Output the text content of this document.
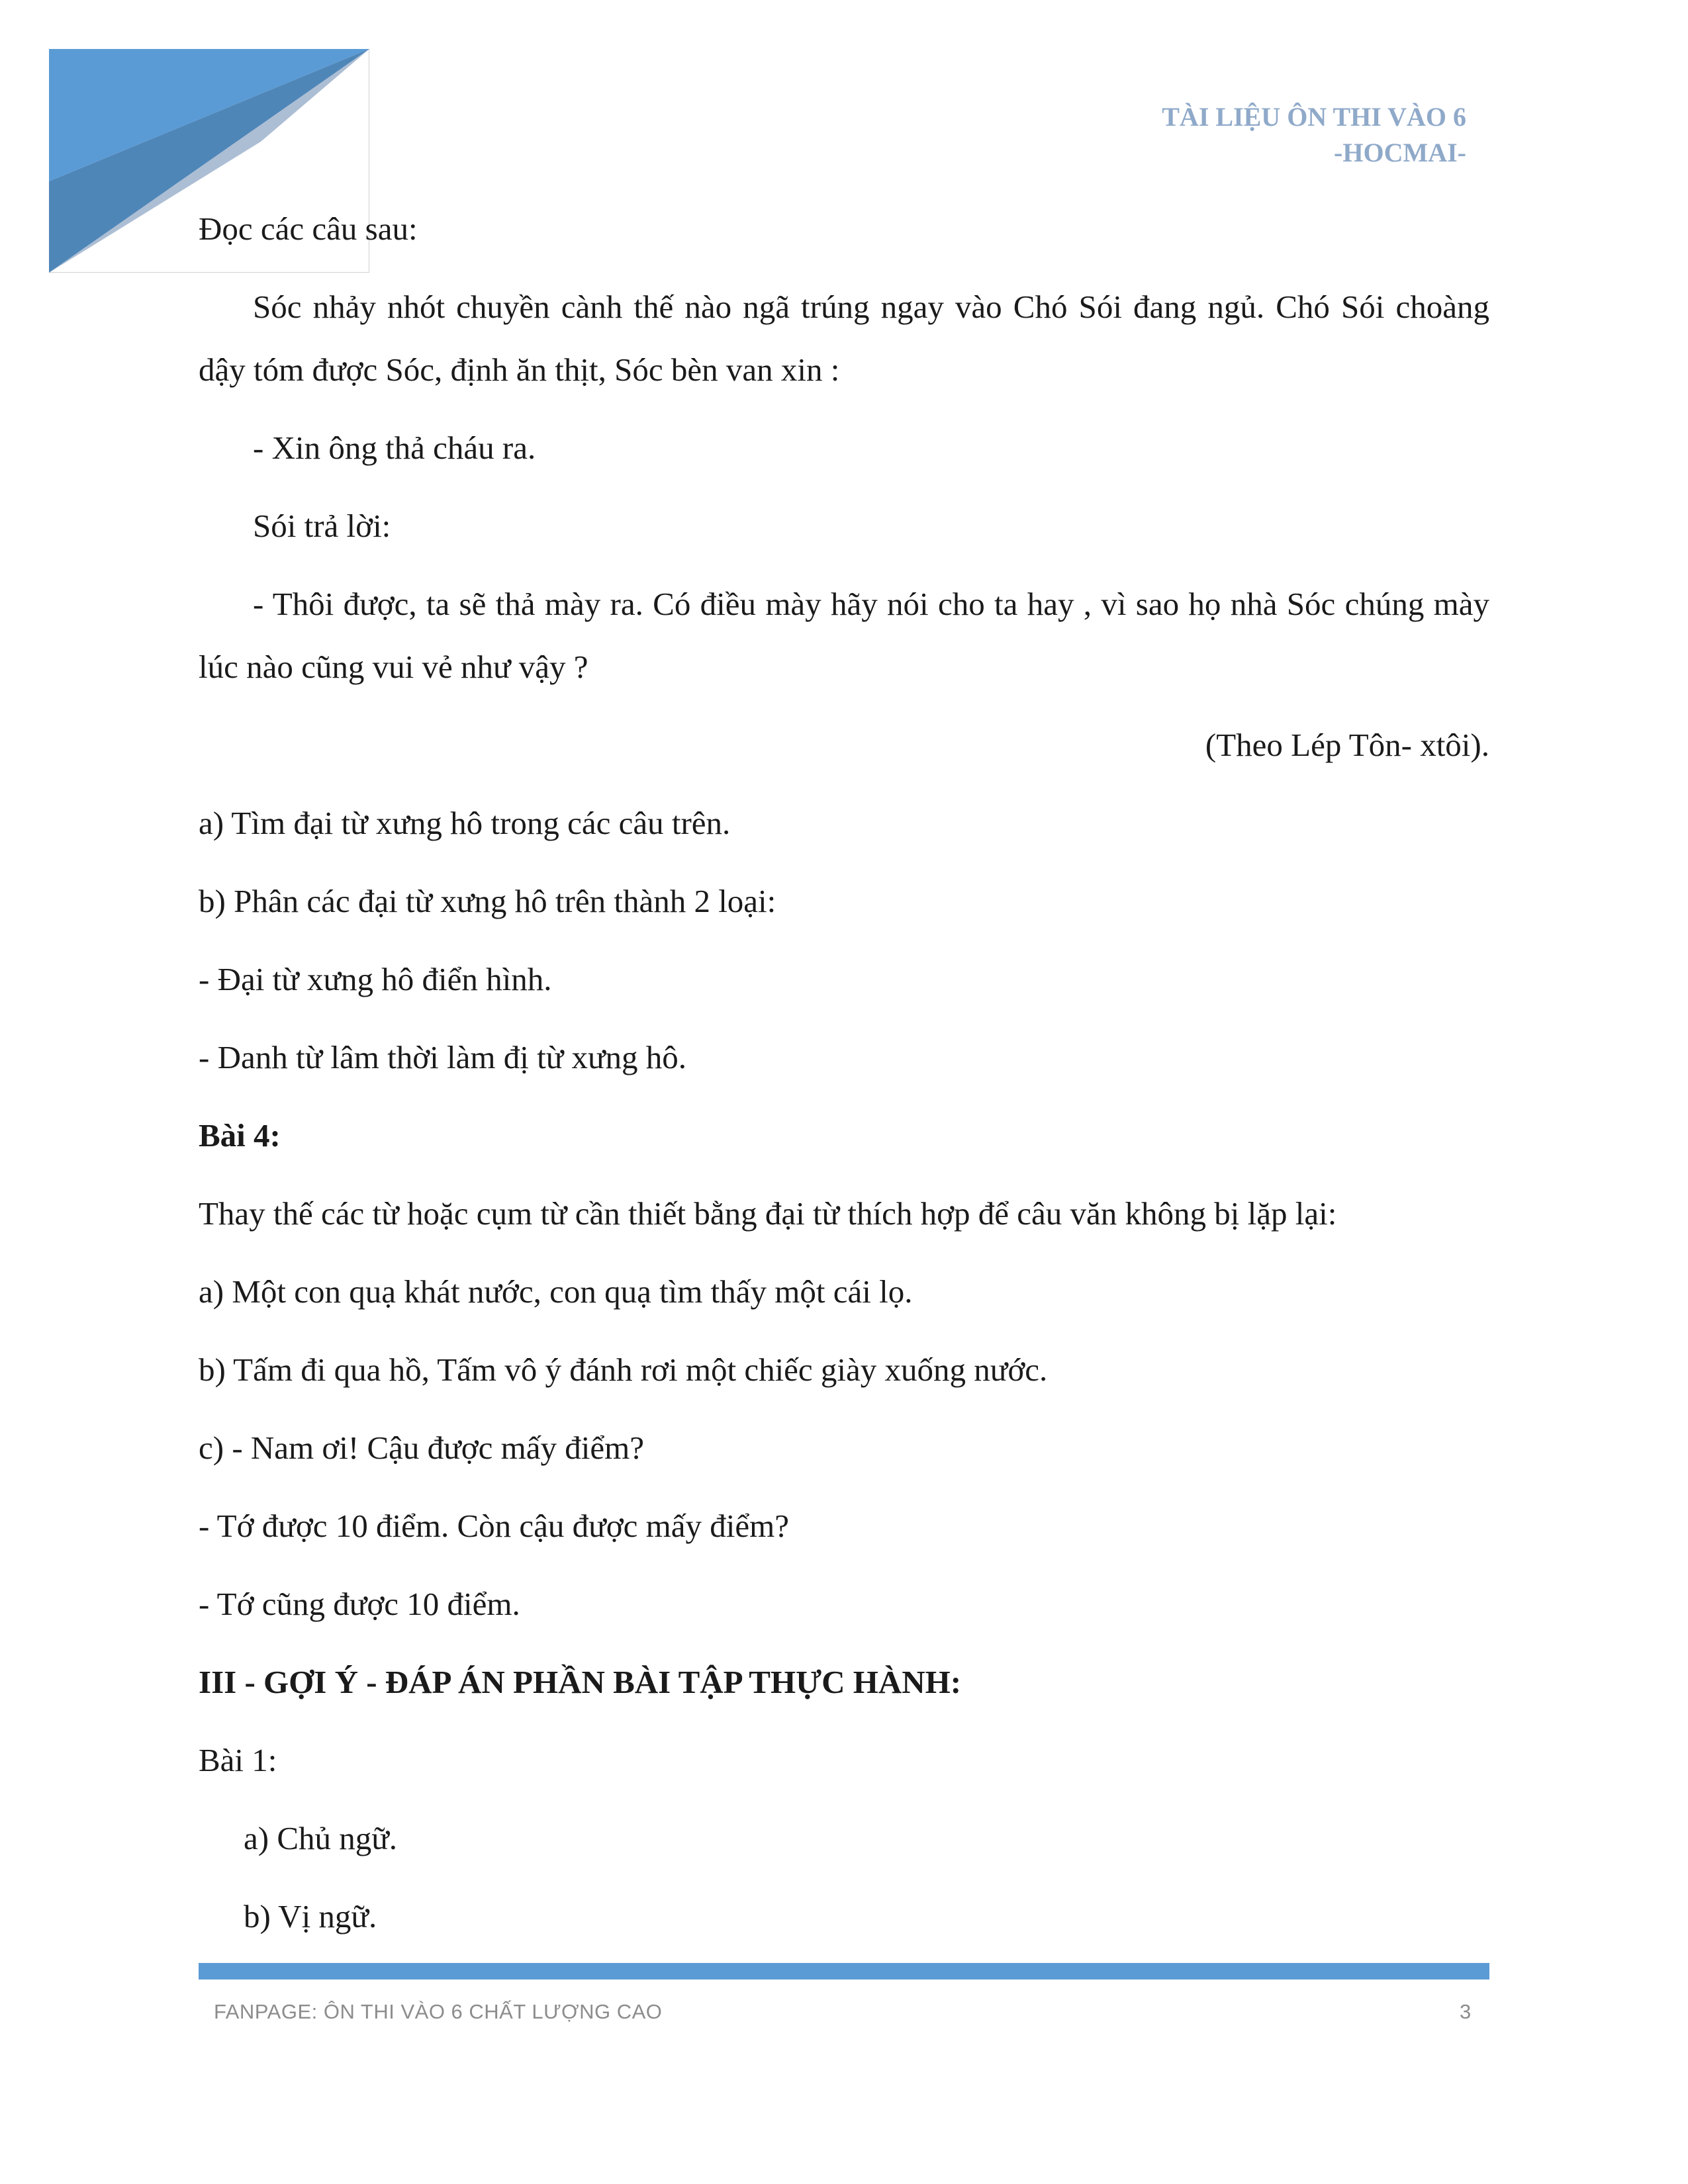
TÀI LIỆU ÔN THI VÀO 6
-HOCMAI-
Đọc các câu sau:
Sóc nhảy nhót chuyền cành thế nào ngã trúng ngay vào Chó Sói đang ngủ. Chó Sói choàng dậy tóm được Sóc, định ăn thịt, Sóc bèn van xin :
- Xin ông thả cháu ra.
Sói trả lời:
- Thôi được, ta sẽ thả mày ra. Có điều mày hãy nói cho ta hay , vì sao họ nhà Sóc chúng mày lúc nào cũng vui vẻ như vậy ?
(Theo Lép Tôn- xtôi).
a) Tìm đại từ xưng hô trong các câu trên.
b) Phân các đại từ xưng hô trên thành 2 loại:
- Đại từ xưng hô điển hình.
- Danh từ lâm thời làm đị từ xưng hô.
Bài 4:
Thay thế các từ hoặc cụm từ cần thiết bằng đại từ thích hợp để câu văn không bị lặp lại:
a) Một con quạ khát nước, con quạ tìm thấy một cái lọ.
b) Tấm đi qua hồ, Tấm vô ý đánh rơi một chiếc giày xuống nước.
c) - Nam ơi! Cậu được mấy điểm?
- Tớ được 10 điểm. Còn cậu được mấy điểm?
- Tớ cũng được 10 điểm.
III - GỢI Ý - ĐÁP ÁN PHẦN BÀI TẬP THỰC HÀNH:
Bài 1:
a) Chủ ngữ.
b) Vị ngữ.
FANPAGE: ÔN THI VÀO 6 CHẤT LƯỢNG CAO	3
